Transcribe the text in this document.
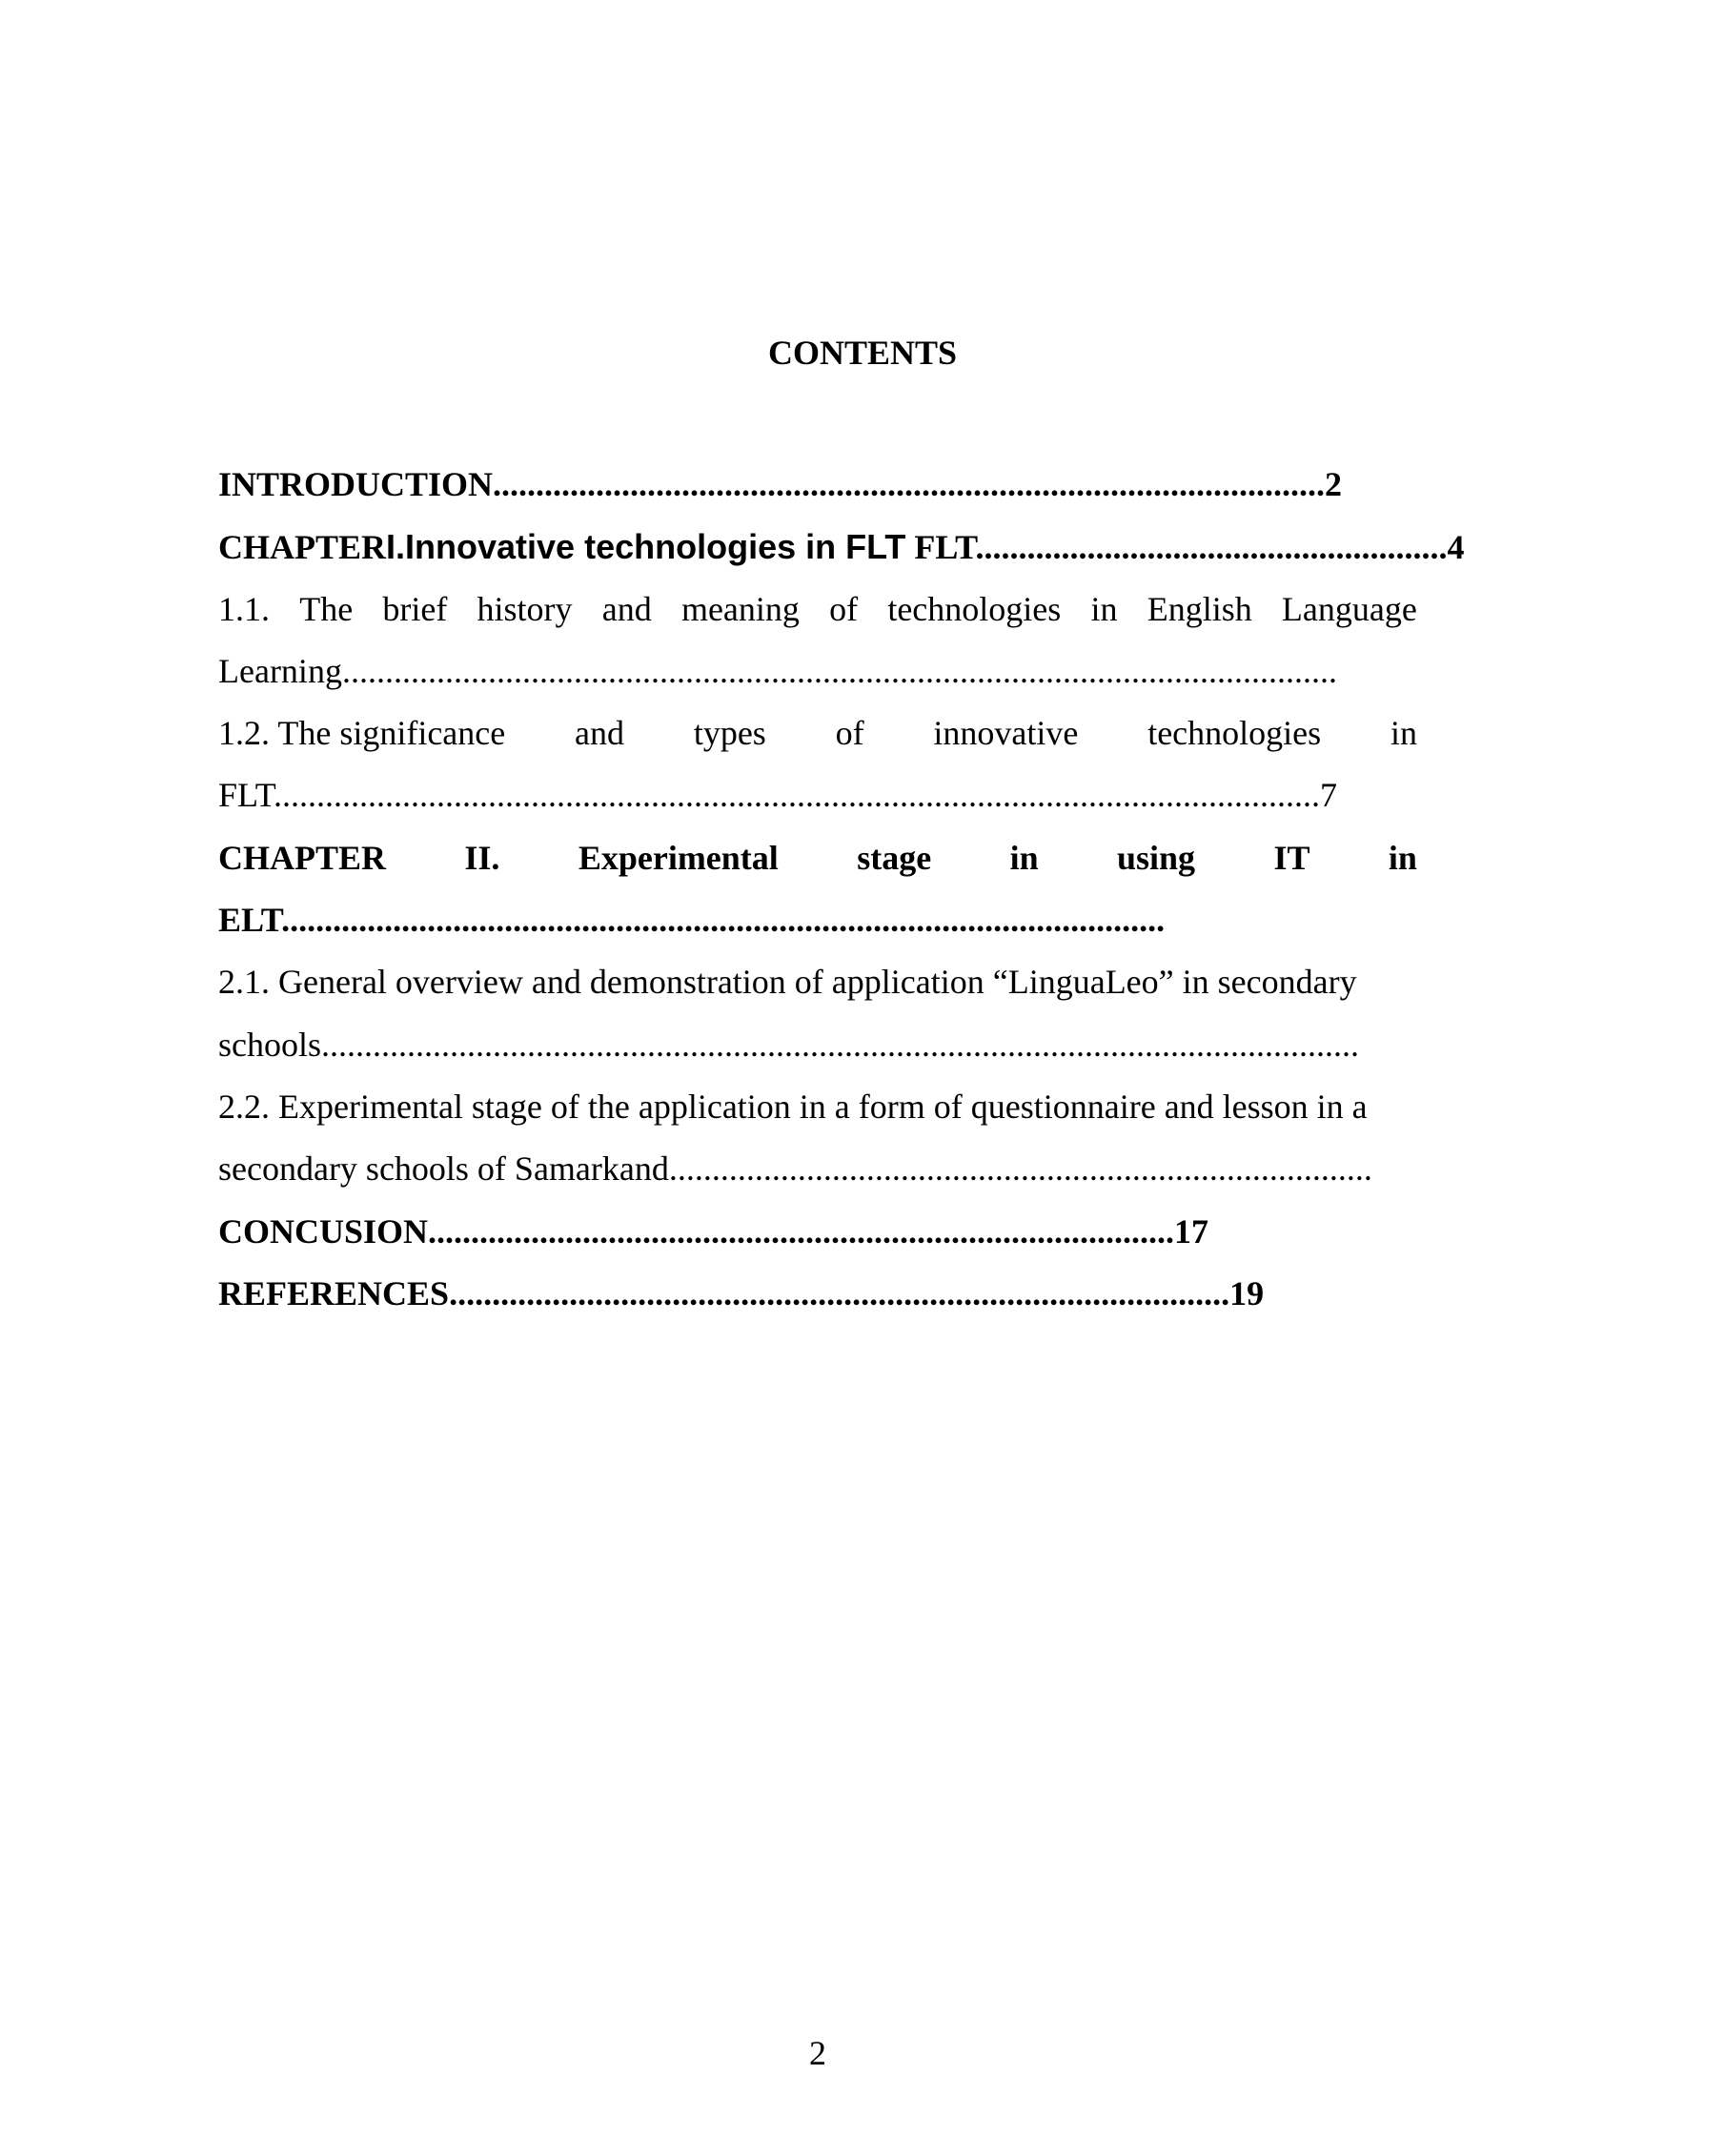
CONTENTS
INTRODUCTION.................................................................................................2
CHAPTERI.Innovative technologies in FLT FLT.......................................................4
1.1. The brief history and meaning of technologies in English Language
Learning....................................................................................................................
1.2. The significance and types of innovative technologies in
FLT..........................................................................................................................7
CHAPTER II. Experimental stage in using IT in
ELT.......................................................................................................
2.1. General overview and demonstration of application “LinguaLeo” in secondary
schools.........................................................................................................................
2.2. Experimental stage of the application in a form of questionnaire and lesson in a
secondary schools of Samarkand..................................................................................
CONCUSION.......................................................................................17
REFERENCES...........................................................................................19
2
